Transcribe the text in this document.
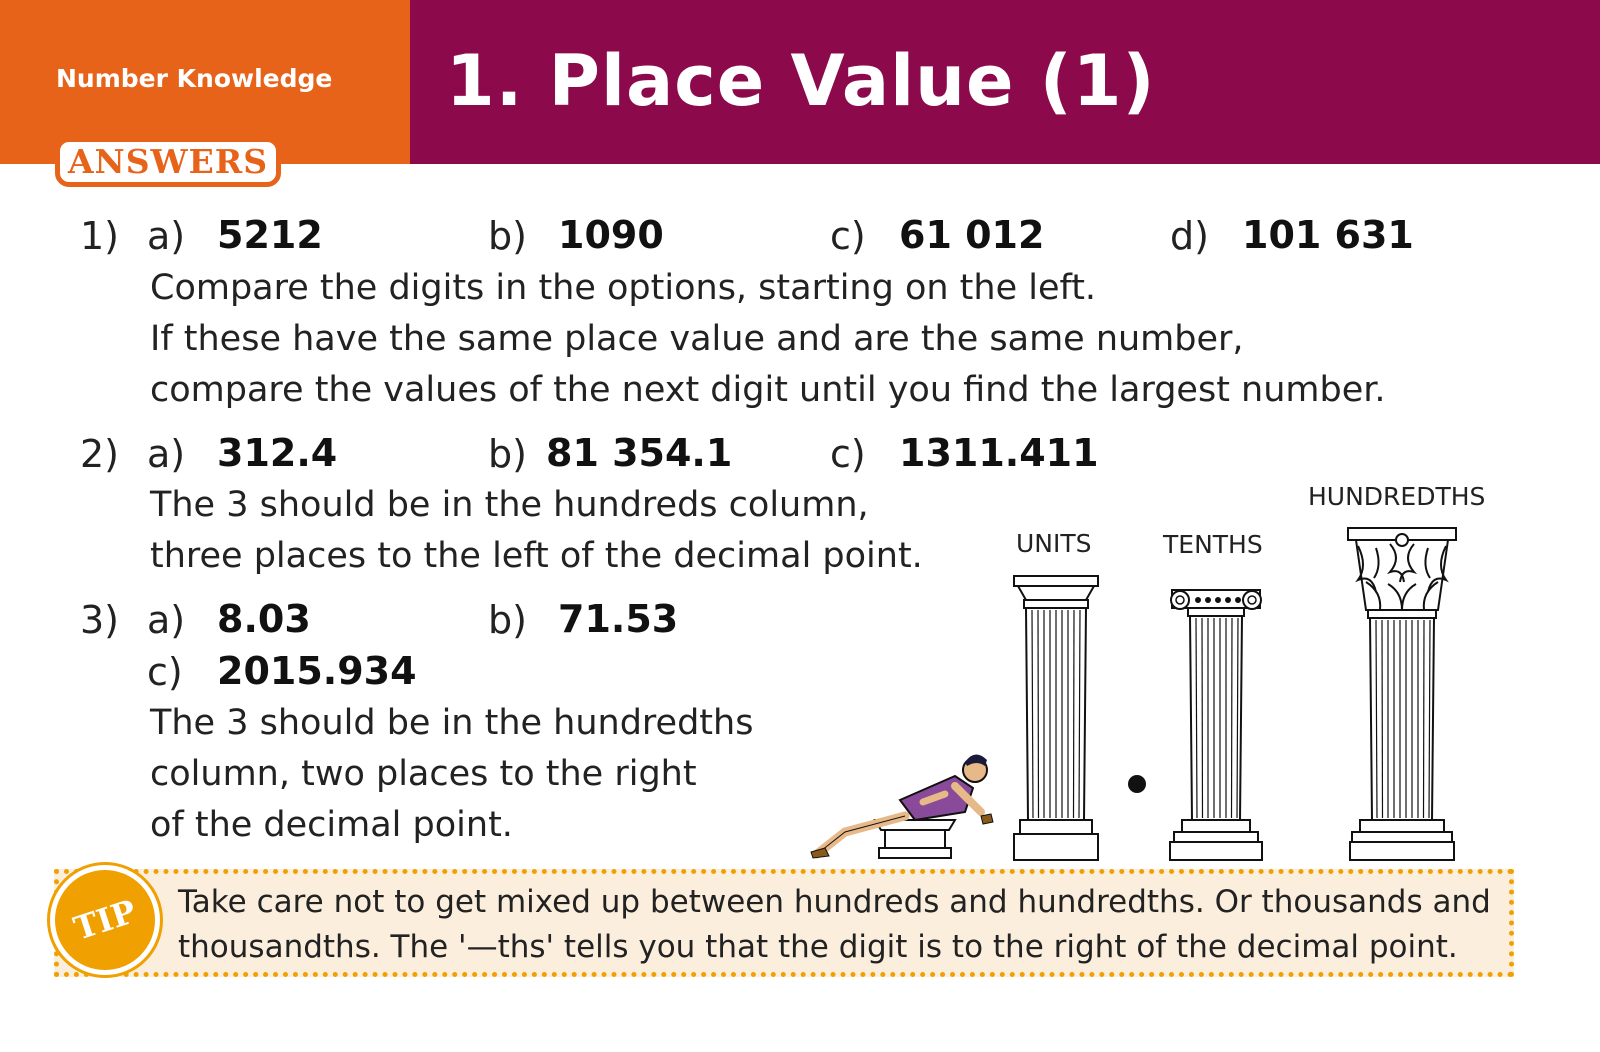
Number Knowledge 1. Place Value (1)
ANSWERS
1) a) 5212	b) 1090	c) 61 012	d) 101 631
Compare the digits in the options, starting on the left.
If these have the same place value and are the same number,
compare the values of the next digit until you find the largest number.
2) a) 312.4	b) 81 354.1	c) 1311.411
The 3 should be in the hundreds column,
three places to the left of the decimal point.
3) a) 8.03	b) 71.53
c) 2015.934
The 3 should be in the hundredths
column, two places to the right
of the decimal point.
UNITS	TENTHS
HUNDREDTHS
TIP	Take care not to get mixed up between hundreds and hundredths. Or thousands and
thousandths. The '—ths' tells you that the digit is to the right of the decimal point.
